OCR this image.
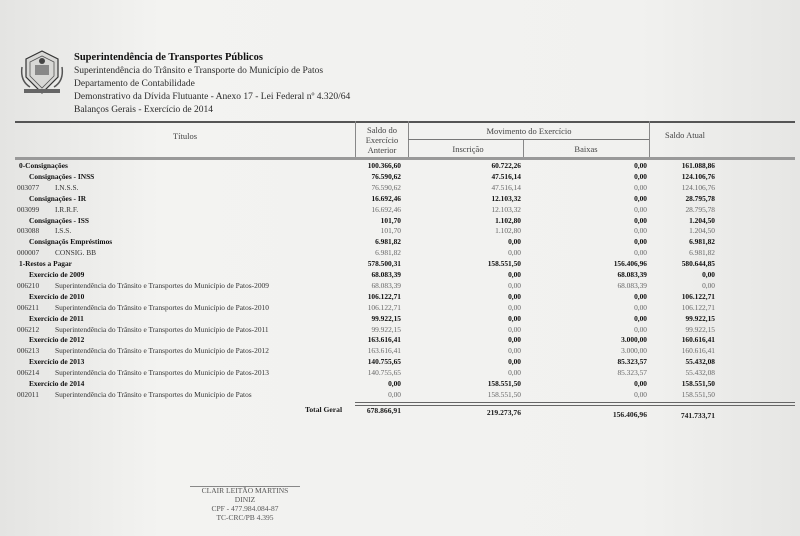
Superintendência de Transportes Públicos
Superintendência do Trânsito e Transporte do Município de Patos
Departamento de Contabilidade
Demonstrativo da Dívida Flutuante - Anexo 17 - Lei Federal nº 4.320/64
Balanços Gerais - Exercício de 2014
Títulos
Saldo do Exercício Anterior
Movimento do Exercício
Inscrição	Baixas
Saldo Atual
0-Consignações	100.366,60	60.722,26	0,00	161.088,86
Consignações - INSS	76.590,62	47.516,14	0,00	124.106,76
003077 I.N.S.S.	76.590,62	47.516,14	0,00	124.106,76
Consignações - IR	16.692,46	12.103,32	0,00	28.795,78
003099 I.R.R.F.	16.692,46	12.103,32	0,00	28.795,78
Consignações - ISS	101,70	1.102,80	0,00	1.204,50
003088 I.S.S.	101,70	1.102,80	0,00	1.204,50
Consignaçõs Empréstimos	6.981,82	0,00	0,00	6.981,82
000007 CONSIG. BB	6.981,82	0,00	0,00	6.981,82
1-Restos a Pagar	578.500,31	158.551,50	156.406,96	580.644,85
Exercício de 2009	68.083,39	0,00	68.083,39	0,00
006210 Superintendência do Trânsito e Transportes do Município de Patos-2009	68.083,39	0,00	68.083,39	0,00
Exercício de 2010	106.122,71	0,00	0,00	106.122,71
006211 Superintendência do Trânsito e Transportes do Município de Patos-2010	106.122,71	0,00	0,00	106.122,71
Exercício de 2011	99.922,15	0,00	0,00	99.922,15
006212 Superintendência do Trânsito e Transportes do Município de Patos-2011	99.922,15	0,00	0,00	99.922,15
Exercício de 2012	163.616,41	0,00	3.000,00	160.616,41
006213 Superintendência do Trânsito e Transportes do Município de Patos-2012	163.616,41	0,00	3.000,00	160.616,41
Exercício de 2013	140.755,65	0,00	85.323,57	55.432,08
006214 Superintendência do Trânsito e Transportes do Município de Patos-2013	140.755,65	0,00	85.323,57	55.432,08
Exercício de 2014	0,00	158.551,50	0,00	158.551,50
002011 Superintendência do Trânsito e Transportes do Município de Patos	0,00	158.551,50	0,00	158.551,50
Total Geral	678.866,91	219.273,76	156.406,96	741.733,71
CLAIR LEITÃO MARTINS
DINIZ
CPF - 477.984.084-87
TC-CRC/PB 4.395
